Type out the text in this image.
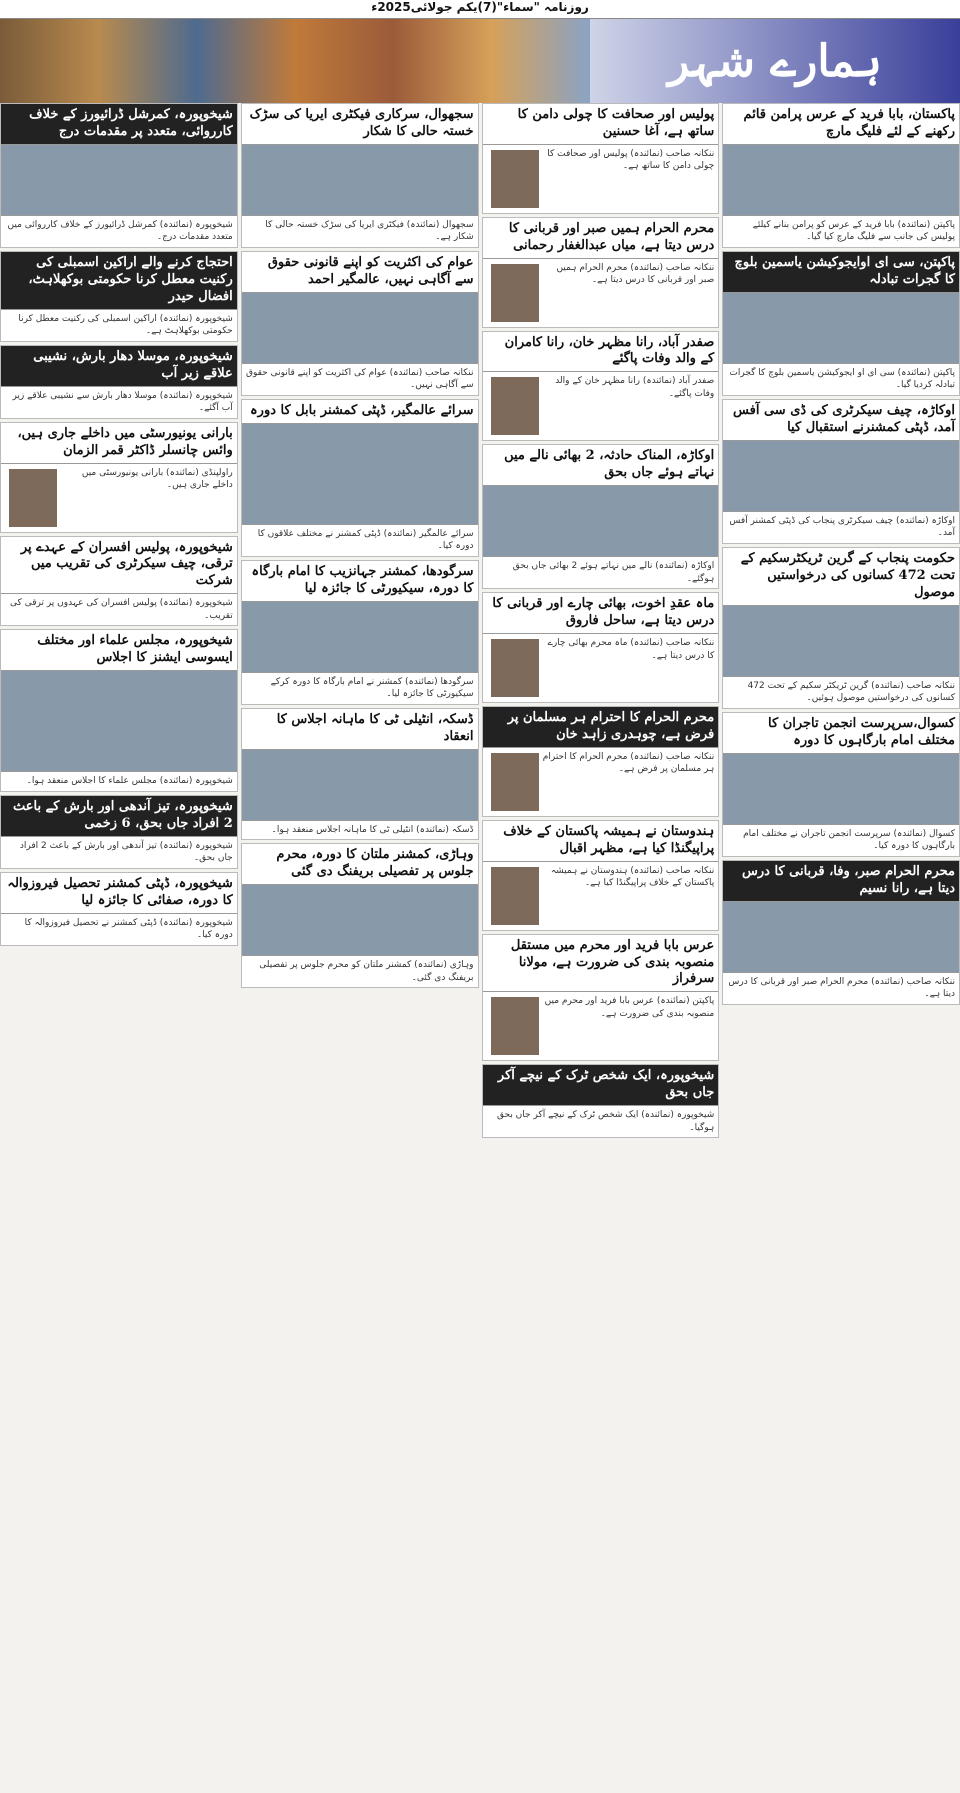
روزنامہ "سماء"(7)یکم جولائی2025ء
ہمارے شہر
پاکستان، بابا فرید کے عرس پرامن قائم رکھنے کے لئے فلیگ مارچ
پاکپتن (نمائندہ) بابا فرید کے عرس کو پرامن بنانے کیلئے پولیس کی جانب سے فلیگ مارچ کیا گیا۔
پاکپتن، سی ای اوایجوکیشن یاسمین بلوچ کا گجرات تبادلہ
پاکپتن (نمائندہ) سی ای او ایجوکیشن یاسمین بلوچ کا گجرات تبادلہ کردیا گیا۔
اوکاڑہ، چیف سیکرٹری کی ڈی سی آفس آمد، ڈپٹی کمشنرنے استقبال کیا
اوکاڑہ (نمائندہ) چیف سیکرٹری پنجاب کی ڈپٹی کمشنر آفس آمد۔
حکومت پنجاب کے گرین ٹریکٹرسکیم کے تحت 472 کسانوں کی درخواستیں موصول
ننکانہ صاحب (نمائندہ) گرین ٹریکٹر سکیم کے تحت 472 کسانوں کی درخواستیں موصول ہوئیں۔
کسوال،سرپرست انجمن تاجران کا مختلف امام بارگاہوں کا دورہ
کسوال (نمائندہ) سرپرست انجمن تاجران نے مختلف امام بارگاہوں کا دورہ کیا۔
محرم الحرام صبر، وفا، قربانی کا درس دیتا ہے، رانا نسیم
ننکانہ صاحب (نمائندہ) محرم الحرام صبر اور قربانی کا درس دیتا ہے۔
پولیس اور صحافت کا چولی دامن کا ساتھ ہے، آغا حسنین
ننکانہ صاحب (نمائندہ) پولیس اور صحافت کا چولی دامن کا ساتھ ہے۔
محرم الحرام ہمیں صبر اور قربانی کا درس دیتا ہے، میاں عبدالغفار رحمانی
ننکانہ صاحب (نمائندہ) محرم الحرام ہمیں صبر اور قربانی کا درس دیتا ہے۔
صفدر آباد، رانا مظہر خان، رانا کامران کے والد وفات پاگئے
صفدر آباد (نمائندہ) رانا مظہر خان کے والد وفات پاگئے۔
اوکاڑہ، المناک حادثہ، 2 بھائی نالے میں نہاتے ہوئے جاں بحق
اوکاڑہ (نمائندہ) نالے میں نہاتے ہوئے 2 بھائی جاں بحق ہوگئے۔
ماہ عقدِ اخوت، بھائی چارے اور قربانی کا درس دیتا ہے، ساحل فاروق
ننکانہ صاحب (نمائندہ) ماہ محرم بھائی چارے کا درس دیتا ہے۔
محرم الحرام کا احترام ہر مسلمان پر فرض ہے، چوہدری زاہد خان
ننکانہ صاحب (نمائندہ) محرم الحرام کا احترام ہر مسلمان پر فرض ہے۔
ہندوستان نے ہمیشہ پاکستان کے خلاف پراپیگنڈا کیا ہے، مظہر اقبال
ننکانہ صاحب (نمائندہ) ہندوستان نے ہمیشہ پاکستان کے خلاف پراپیگنڈا کیا ہے۔
عرس بابا فرید اور محرم میں مستقل منصوبہ بندی کی ضرورت ہے، مولانا سرفراز
پاکپتن (نمائندہ) عرس بابا فرید اور محرم میں منصوبہ بندی کی ضرورت ہے۔
شیخوپورہ، ایک شخص ٹرک کے نیچے آکر جاں بحق
شیخوپورہ (نمائندہ) ایک شخص ٹرک کے نیچے آکر جاں بحق ہوگیا۔
سجھوال، سرکاری فیکٹری ایریا کی سڑک خستہ حالی کا شکار
سجھوال (نمائندہ) فیکٹری ایریا کی سڑک خستہ حالی کا شکار ہے۔
عوام کی اکثریت کو اپنے قانونی حقوق سے آگاہی نہیں، عالمگیر احمد
ننکانہ صاحب (نمائندہ) عوام کی اکثریت کو اپنے قانونی حقوق سے آگاہی نہیں۔
سرائے عالمگیر، ڈپٹی کمشنر بابل کا دورہ
سرائے عالمگیر (نمائندہ) ڈپٹی کمشنر نے مختلف علاقوں کا دورہ کیا۔
سرگودھا، کمشنر جہانزیب کا امام بارگاہ کا دورہ، سیکیورٹی کا جائزہ لیا
سرگودھا (نمائندہ) کمشنر نے امام بارگاہ کا دورہ کرکے سیکیورٹی کا جائزہ لیا۔
ڈسکہ، انٹیلی ٹی کا ماہانہ اجلاس کا انعقاد
ڈسکہ (نمائندہ) انٹیلی ٹی کا ماہانہ اجلاس منعقد ہوا۔
وہاڑی، کمشنر ملتان کا دورہ، محرم جلوس پر تفصیلی بریفنگ دی گئی
وہاڑی (نمائندہ) کمشنر ملتان کو محرم جلوس پر تفصیلی بریفنگ دی گئی۔
شیخوپورہ، کمرشل ڈرائیورز کے خلاف کارروائی، متعدد پر مقدمات درج
شیخوپورہ (نمائندہ) کمرشل ڈرائیورز کے خلاف کارروائی میں متعدد مقدمات درج۔
احتجاج کرنے والے اراکین اسمبلی کی رکنیت معطل کرنا حکومتی بوکھلاہٹ، افضال حیدر
شیخوپورہ (نمائندہ) اراکین اسمبلی کی رکنیت معطل کرنا حکومتی بوکھلاہٹ ہے۔
شیخوپورہ، موسلا دھار بارش، نشیبی علاقے زیر آب
شیخوپورہ (نمائندہ) موسلا دھار بارش سے نشیبی علاقے زیر آب آگئے۔
بارانی یونیورسٹی میں داخلے جاری ہیں، وائس چانسلر ڈاکٹر قمر الزمان
راولپنڈی (نمائندہ) بارانی یونیورسٹی میں داخلے جاری ہیں۔
شیخوپورہ، پولیس افسران کے عہدے پر ترقی، چیف سیکرٹری کی تقریب میں شرکت
شیخوپورہ (نمائندہ) پولیس افسران کی عہدوں پر ترقی کی تقریب۔
شیخوپورہ، مجلس علماء اور مختلف ایسوسی ایشنز کا اجلاس
شیخوپورہ (نمائندہ) مجلس علماء کا اجلاس منعقد ہوا۔
شیخوپورہ، تیز آندھی اور بارش کے باعث 2 افراد جاں بحق، 6 زخمی
شیخوپورہ (نمائندہ) تیز آندھی اور بارش کے باعث 2 افراد جاں بحق۔
شیخوپورہ، ڈپٹی کمشنر تحصیل فیروزوالہ کا دورہ، صفائی کا جائزہ لیا
شیخوپورہ (نمائندہ) ڈپٹی کمشنر نے تحصیل فیروزوالہ کا دورہ کیا۔
